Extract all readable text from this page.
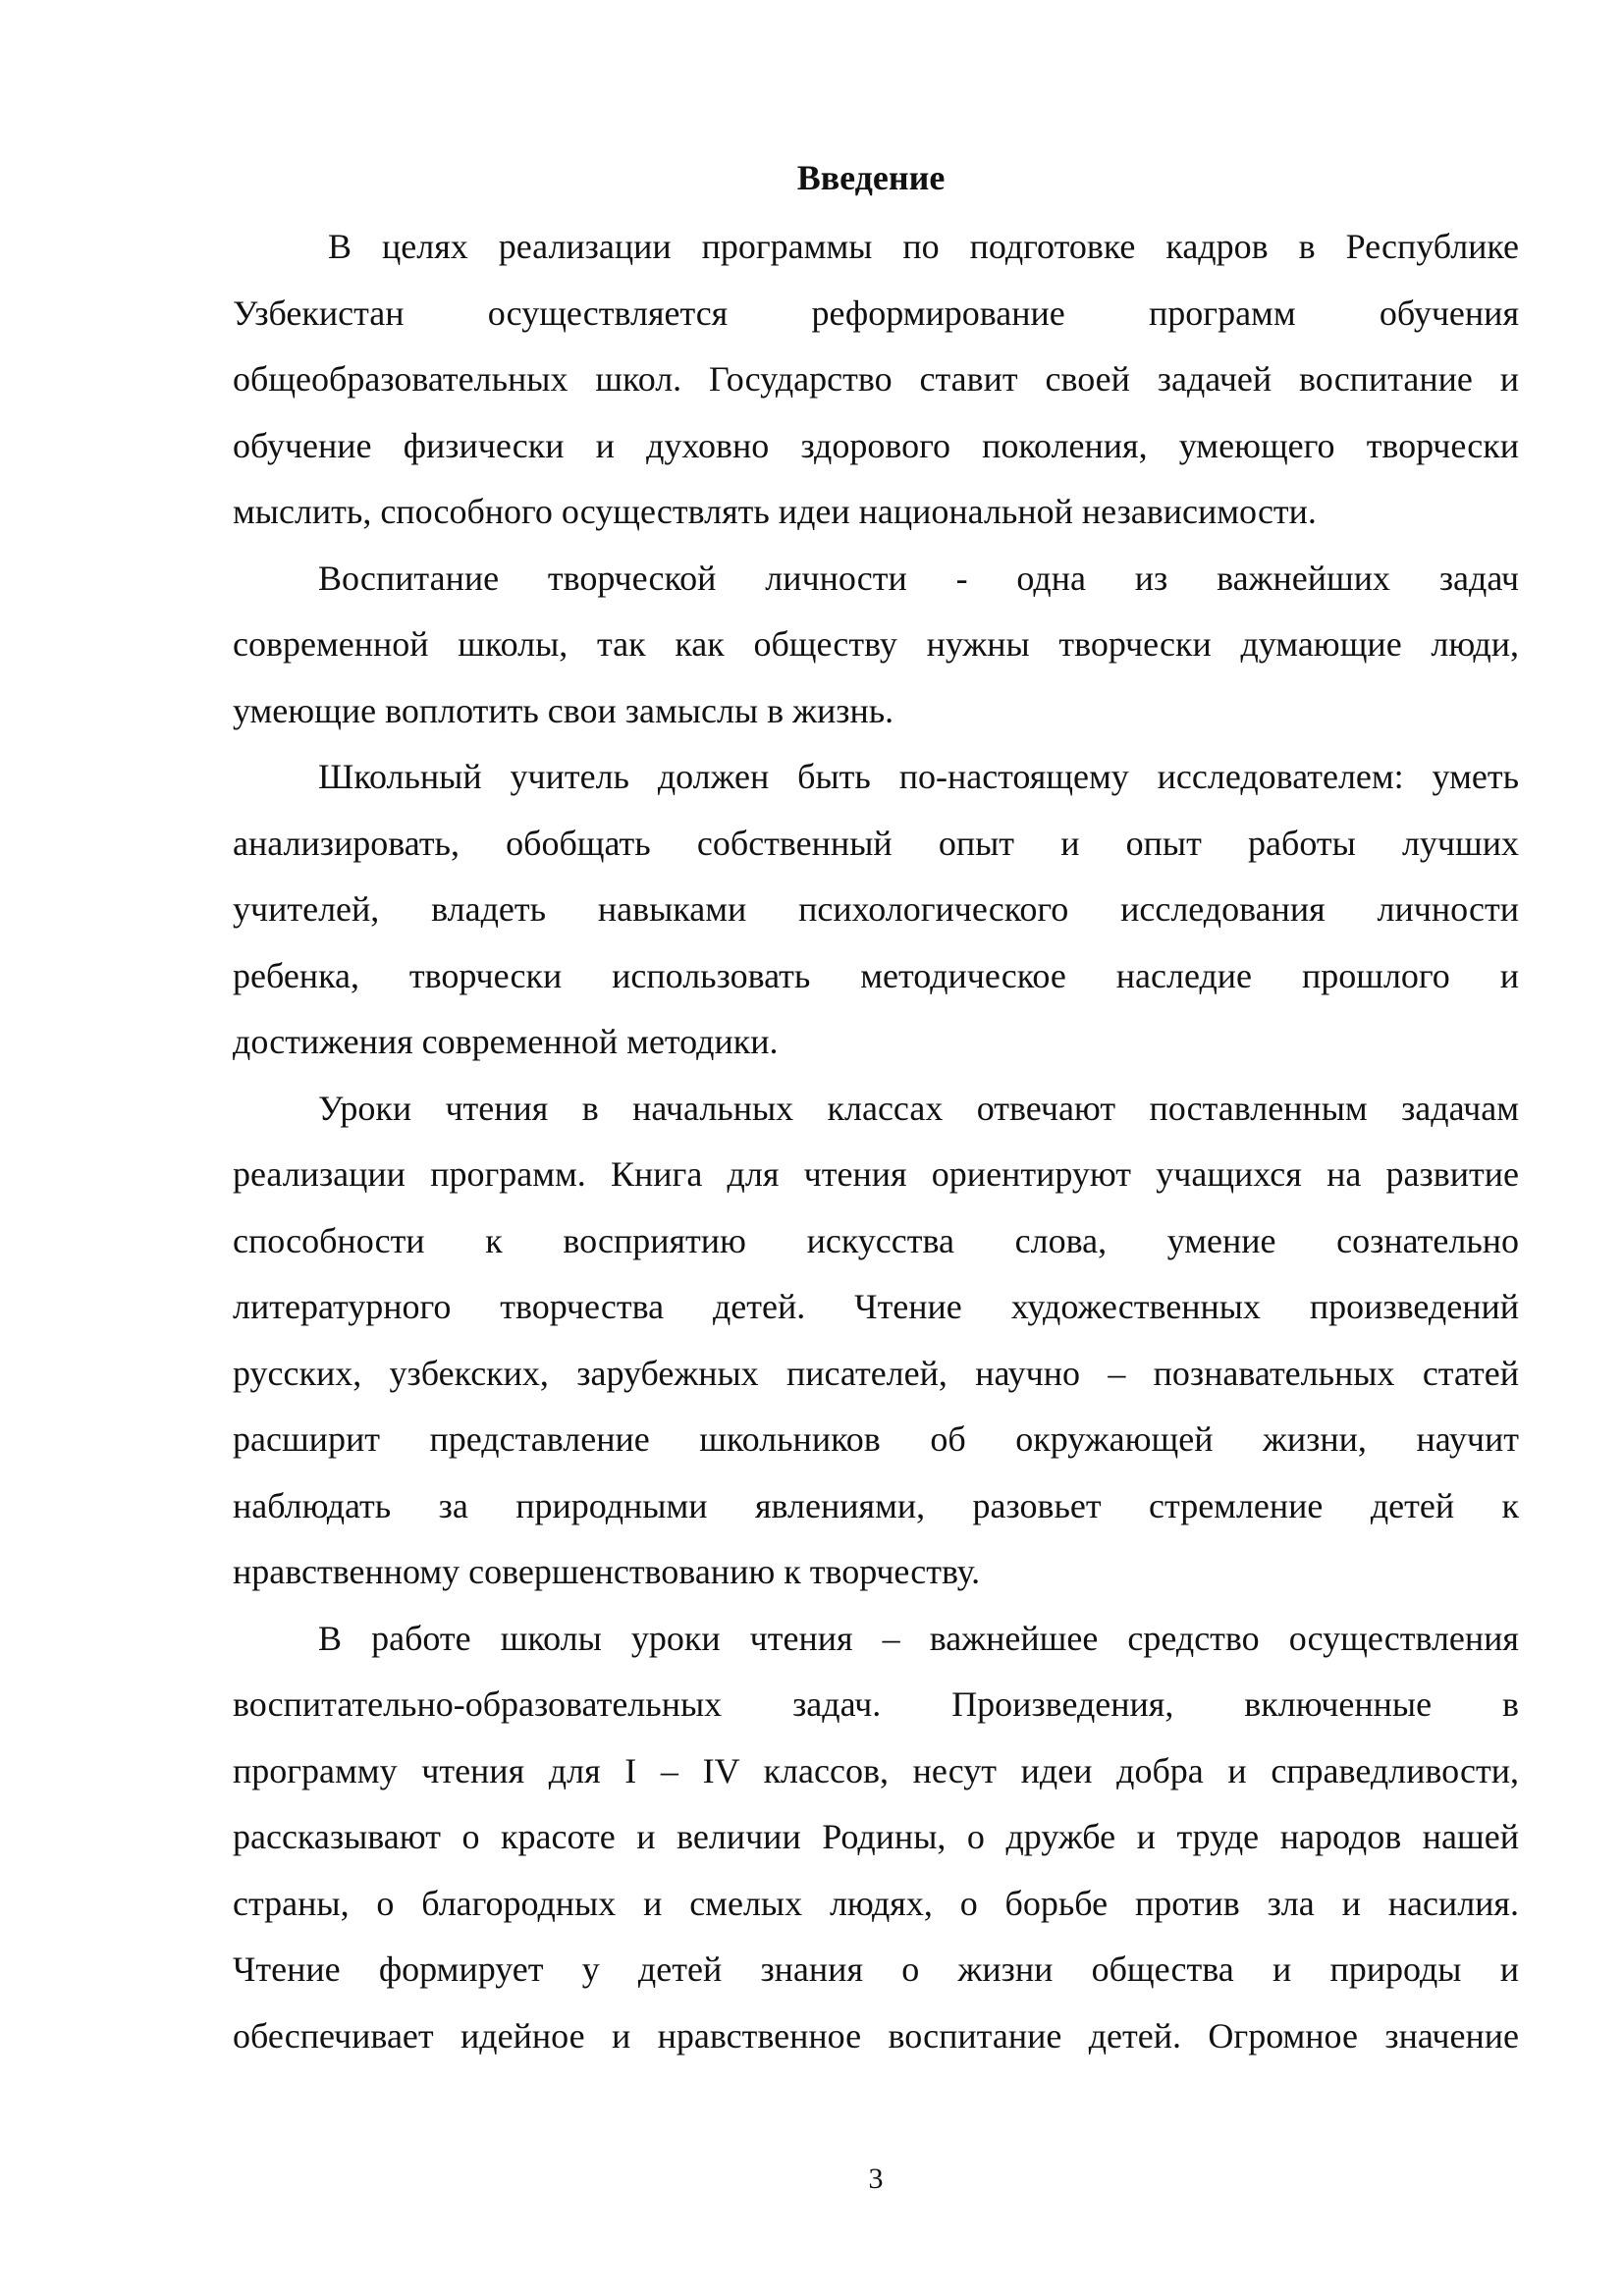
Введение
В целях реализации программы по подготовке кадров в Республике
Узбекистан осуществляется реформирование программ обучения
общеобразовательных школ. Государство ставит своей задачей воспитание и
обучение физически и духовно здорового поколения, умеющего творчески
мыслить, способного осуществлять идеи национальной независимости.
Воспитание творческой личности - одна из важнейших задач
современной школы, так как обществу нужны творчески думающие люди,
умеющие воплотить свои замыслы в жизнь.
Школьный учитель должен быть по-настоящему исследователем: уметь
анализировать, обобщать собственный опыт и опыт работы лучших
учителей, владеть навыками психологического исследования личности
ребенка, творчески использовать методическое наследие прошлого и
достижения современной методики.
Уроки чтения в начальных классах отвечают поставленным задачам
реализации программ. Книга для чтения ориентируют учащихся на развитие
способности к восприятию искусства слова, умение сознательно
литературного творчества детей. Чтение художественных произведений
русских, узбекских, зарубежных писателей, научно – познавательных статей
расширит представление школьников об окружающей жизни, научит
наблюдать за природными явлениями, разовьет стремление детей к
нравственному совершенствованию к творчеству.
В работе школы уроки чтения – важнейшее средство осуществления
воспитательно-образовательных задач. Произведения, включенные в
программу чтения для I – IV классов, несут идеи добра и справедливости,
рассказывают о красоте и величии Родины, о дружбе и труде народов нашей
страны, о благородных и смелых людях, о борьбе против зла и насилия.
Чтение формирует у детей знания о жизни общества и природы и
обеспечивает идейное и нравственное воспитание детей. Огромное значение
3
